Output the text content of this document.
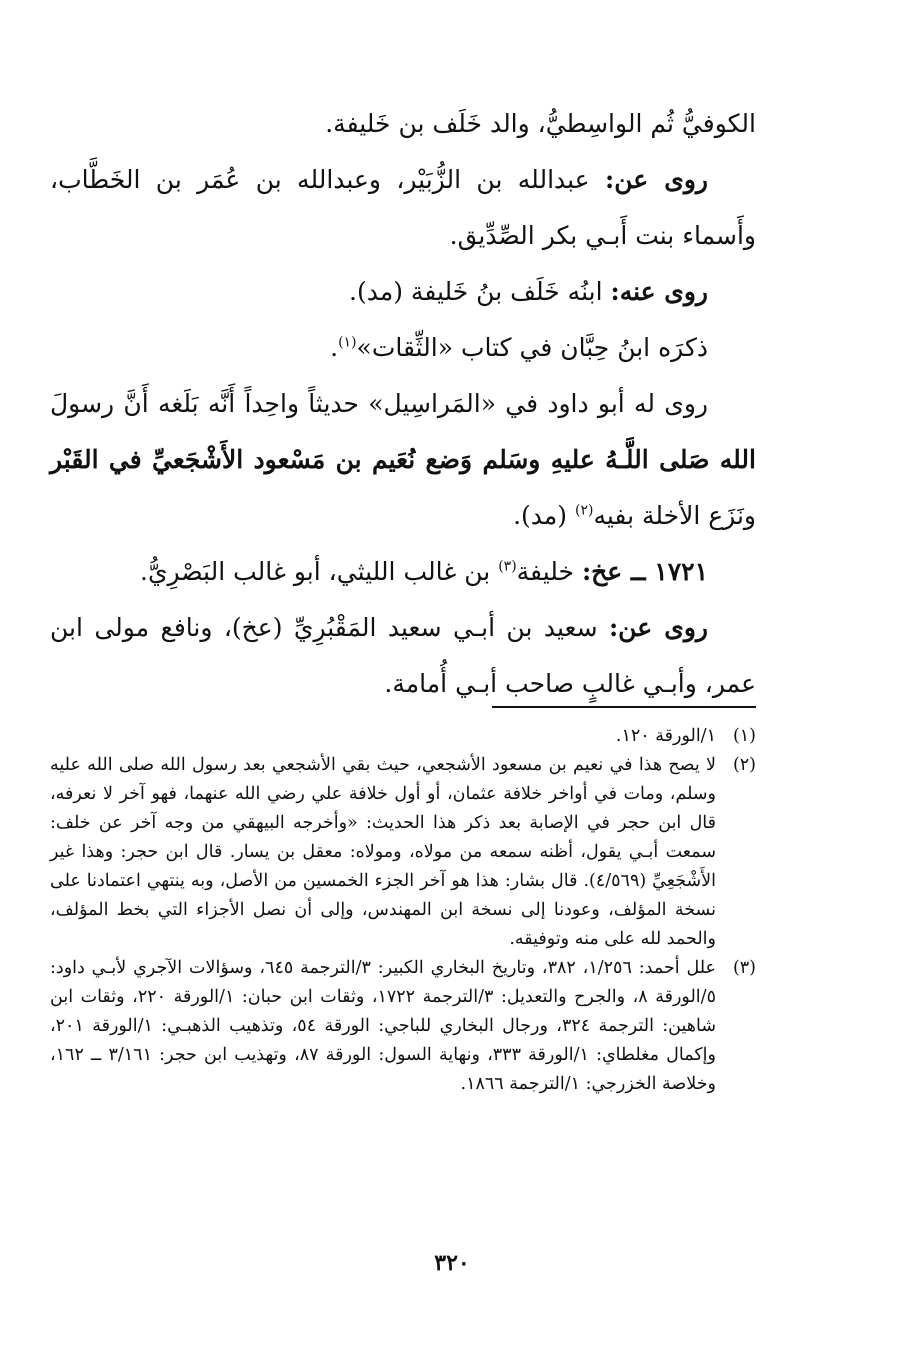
الكوفيُّ ثُم الواسِطيُّ، والد خَلَف بن خَليفة.

روى عن: عبدالله بن الزُّبَيْر، وعبدالله بن عُمَر بن الخَطَّاب، وأَسماء بنت أَبـي بكر الصِّدِّيق.

روى عنه: ابنُه خَلَف بنُ خَليفة (مد).

ذكرَه ابنُ حِبَّان في كتاب «الثِّقات»$^{(١)}$.

روى له أبو داود في «المَراسِيل» حديثاً واحِداً أَنَّه بَلَغه أَنَّ رسولَ الله صَلى اللَّـهُ عليهِ وسَلم وَضع نُعَيم بن مَسْعود الأَشْجَعيِّ في القَبْر ونَزَع الأخلة بفيه$^{(٢)}$ (مد).

١٧٢١ ــ عخ: خليفة$^{(٣)}$ بن غالب الليثي، أبو غالب البَصْرِيُّ.

روى عن: سعيد بن أبـي سعيد المَقْبُرِيِّ (عخ)، ونافع مولى ابن عمر، وأبـي غالبٍ صاحب أبـي أُمامة.

(١)
١/الورقة ١٢٠.
(٢)
لا يصح هذا في نعيم بن مسعود الأشجعي، حيث بقي الأشجعي بعد رسول الله صلى الله عليه وسلم، ومات في أواخر خلافة عثمان، أو أول خلافة علي رضي الله عنهما، فهو آخر لا نعرفه، قال ابن حجر في الإصابة بعد ذكر هذا الحديث: «وأخرجه البيهقي من وجه آخر عن خلف: سمعت أبـي يقول، أظنه سمعه من مولاه، ومولاه: معقل بن يسار. قال ابن حجر: وهذا غير الأَشْجَعِيِّ (٤/٥٦٩). قال بشار: هذا هو آخر الجزء الخمسين من الأصل، وبه ينتهي اعتمادنا على نسخة المؤلف، وعودنا إلى نسخة ابن المهندس، وإلى أن نصل الأجزاء التي بخط المؤلف، والحمد لله على منه وتوفيقه.
(٣)
علل أحمد: ١/٢٥٦، ٣٨٢، وتاريخ البخاري الكبير: ٣/الترجمة ٦٤٥، وسؤالات الآجري لأبـي داود: ٥/الورقة ٨، والجرح والتعديل: ٣/الترجمة ١٧٢٢، وثقات ابن حبان: ١/الورقة ٢٢٠، وثقات ابن شاهين: الترجمة ٣٢٤، ورجال البخاري للباجي: الورقة ٥٤، وتذهيب الذهبـي: ١/الورقة ٢٠١، وإكمال مغلطاي: ١/الورقة ٣٣٣، ونهاية السول: الورقة ٨٧، وتهذيب ابن حجر: ٣/١٦١ ــ ١٦٢، وخلاصة الخزرجي: ١/الترجمة ١٨٦٦.
٣٢٠
